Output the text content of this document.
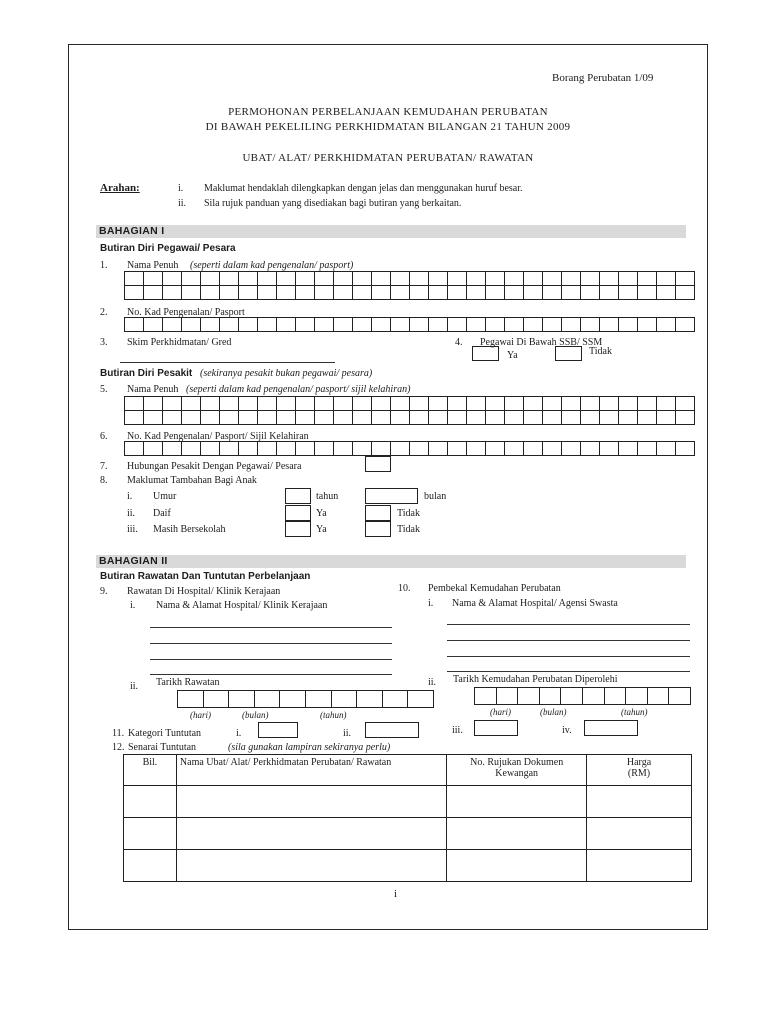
Borang Perubatan 1/09
PERMOHONAN PERBELANJAAN KEMUDAHAN PERUBATAN
DI BAWAH PEKELILING PERKHIDMATAN BILANGAN 21 TAHUN 2009
UBAT/ ALAT/ PERKHIDMATAN PERUBATAN/ RAWATAN
Arahan:	i. Maklumat hendaklah dilengkapkan dengan jelas dan menggunakan huruf besar.
ii. Sila rujuk panduan yang disediakan bagi butiran yang berkaitan.
BAHAGIAN I
Butiran Diri Pegawai/ Pesara
1. Nama Penuh (seperti dalam kad pengenalan/ pasport)
2. No. Kad Pengenalan/ Pasport
3. Skim Perkhidmatan/ Gred	4. Pegawai Di Bawah SSB/ SSM
Ya	Tidak
Butiran Diri Pesakit (sekiranya pesakit bukan pegawai/ pesara)
5. Nama Penuh (seperti dalam kad pengenalan/ pasport/ sijil kelahiran)
6. No. Kad Pengenalan/ Pasport/ Sijil Kelahiran
7. Hubungan Pesakit Dengan Pegawai/ Pesara
8. Maklumat Tambahan Bagi Anak
i. Umur	tahun	bulan
ii. Daif	Ya	Tidak
iii. Masih Bersekolah	Ya	Tidak
BAHAGIAN II
Butiran Rawatan Dan Tuntutan Perbelanjaan
9. Rawatan Di Hospital/ Klinik Kerajaan
i. Nama & Alamat Hospital/ Klinik Kerajaan
10. Pembekal Kemudahan Perubatan
i. Nama & Alamat Hospital/ Agensi Swasta
ii. Tarikh Rawatan
(hari)	(bulan)	(tahun)
ii. Tarikh Kemudahan Perubatan Diperolehi
(hari)	(bulan)	(tahun)
11. Kategori Tuntutan	i.	ii.	iii.	iv.
12. Senarai Tuntutan	(sila gunakan lampiran sekiranya perlu)
Bil.	Nama Ubat/ Alat/ Perkhidmatan Perubatan/ Rawatan	No. Rujukan Dokumen Kewangan	Harga (RM)

i
